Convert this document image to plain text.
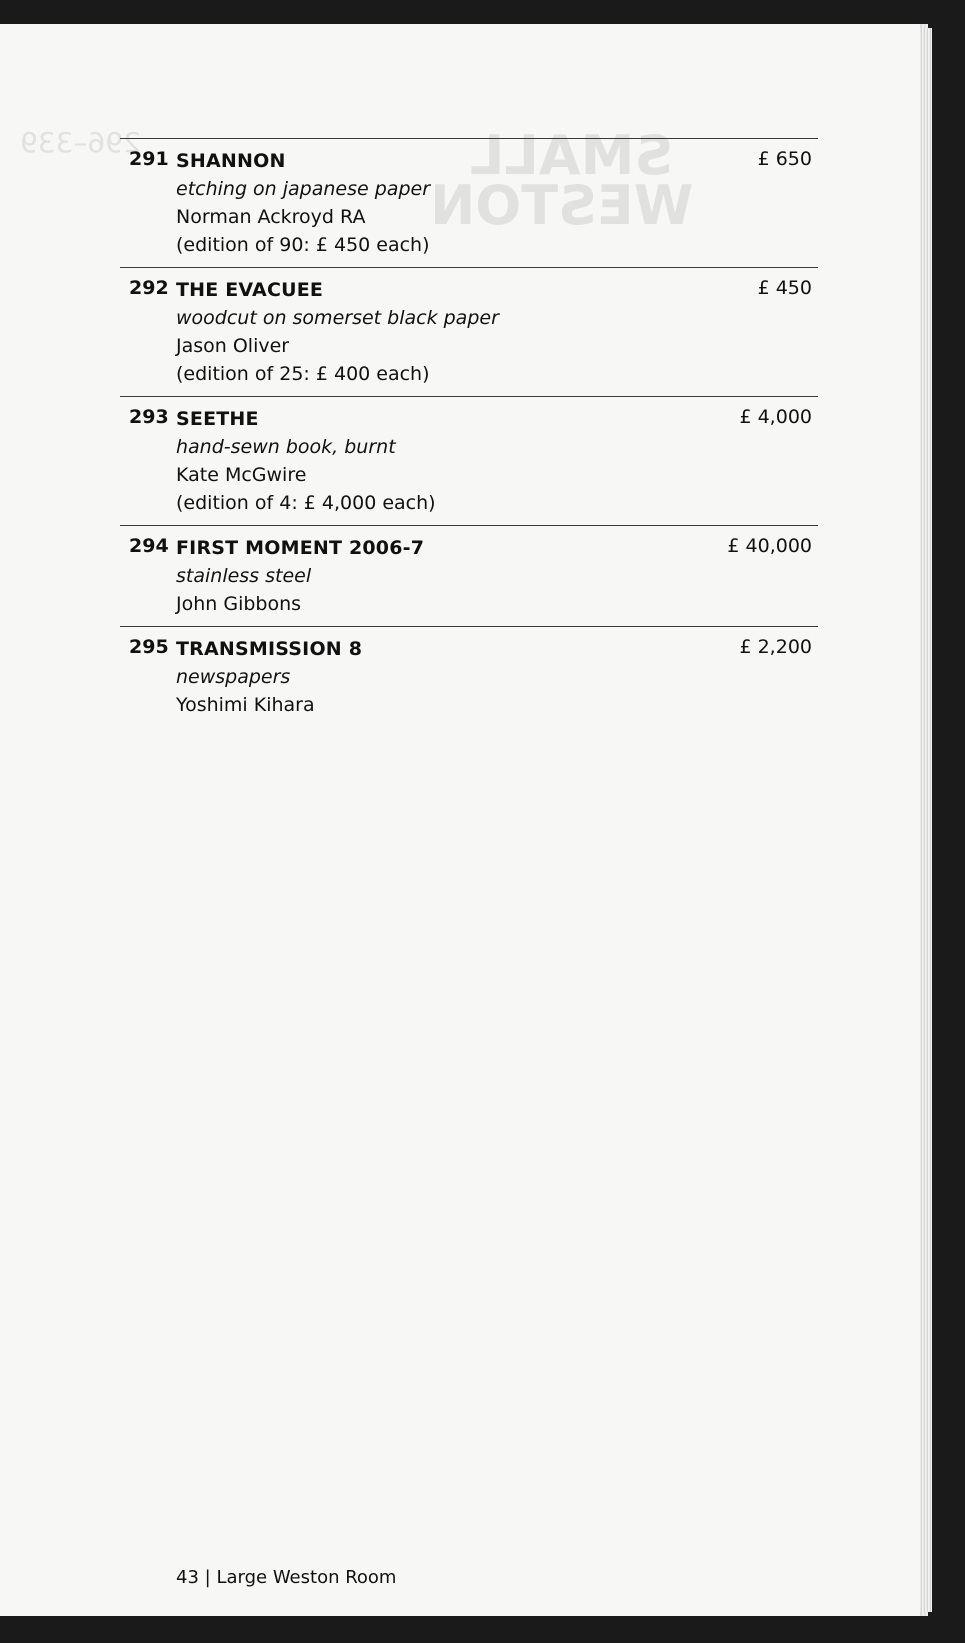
SMALL
WESTON
296–339
291 SHANNON
etching on japanese paper
Norman Ackroyd RA
(edition of 90: £ 450 each)
£ 650
292 THE EVACUEE
woodcut on somerset black paper
Jason Oliver
(edition of 25: £ 400 each)
£ 450
293 SEETHE
hand-sewn book, burnt
Kate McGwire
(edition of 4: £ 4,000 each)
£ 4,000
294 FIRST MOMENT 2006-7
stainless steel
John Gibbons
£ 40,000
295 TRANSMISSION 8
newspapers
Yoshimi Kihara
£ 2,200
43 | Large Weston Room
